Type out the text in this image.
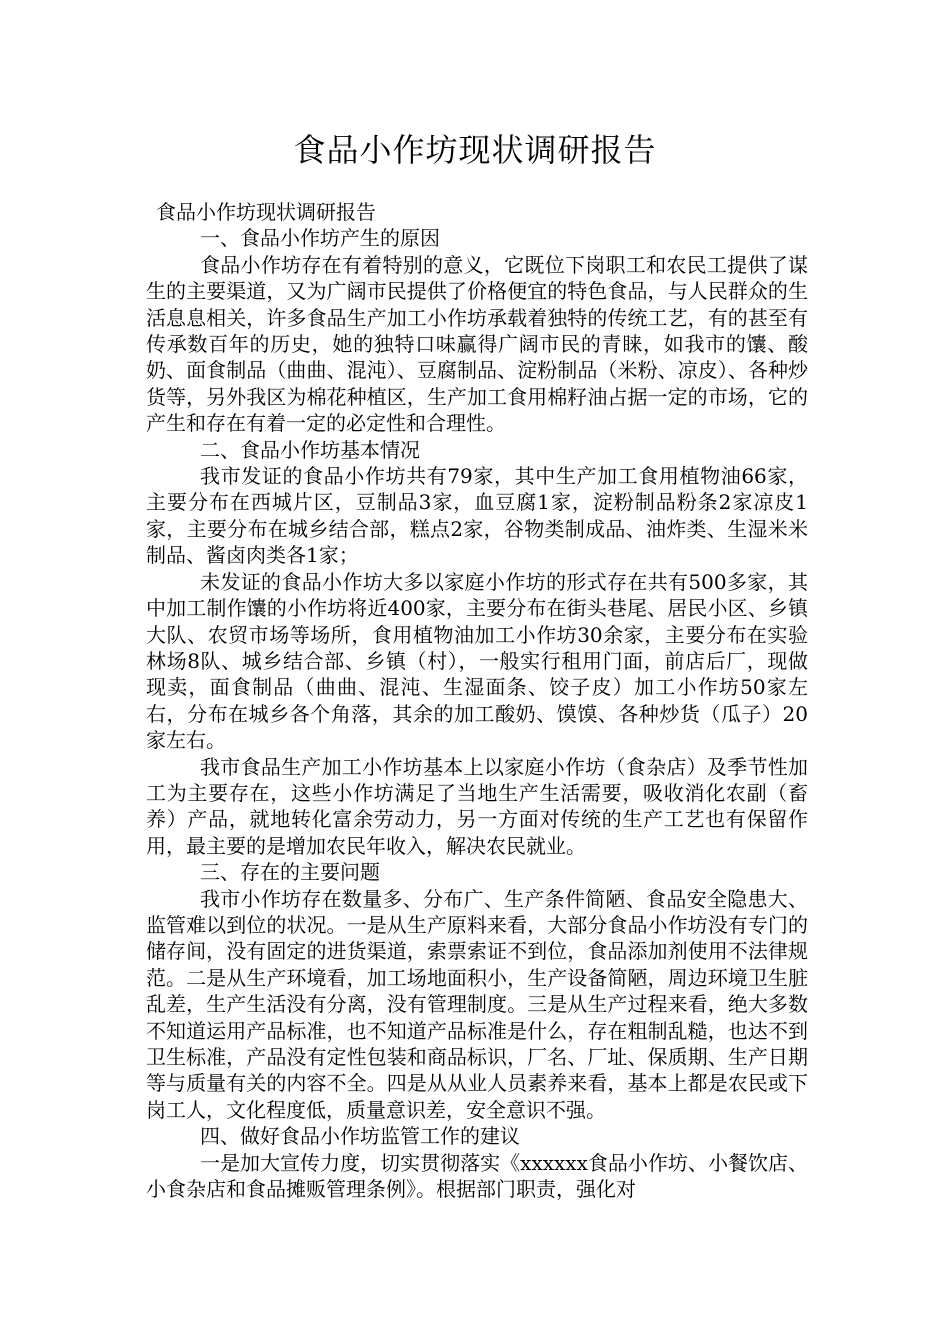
食品小作坊现状调研报告

食品小作坊现状调研报告

一、食品小作坊产生的原因

食品小作坊存在有着特别的意义，它既位下岗职工和农民工提供了谋生的主要渠道，又为广阔市民提供了价格便宜的特色食品，与人民群众的生活息息相关，许多食品生产加工小作坊承载着独特的传统工艺，有的甚至有传承数百年的历史，她的独特口味赢得广阔市民的青睐，如我市的馕、酸奶、面食制品（曲曲、混沌）、豆腐制品、淀粉制品（米粉、凉皮）、各种炒货等，另外我区为棉花种植区，生产加工食用棉籽油占据一定的市场，它的产生和存在有着一定的必定性和合理性。

二、食品小作坊基本情况

我市发证的食品小作坊共有79家，其中生产加工食用植物油66家，主要分布在西城片区，豆制品3家，血豆腐1家，淀粉制品粉条2家凉皮1家，主要分布在城乡结合部，糕点2家，谷物类制成品、油炸类、生湿米米制品、酱卤肉类各1家；

未发证的食品小作坊大多以家庭小作坊的形式存在共有500多家，其中加工制作馕的小作坊将近400家，主要分布在街头巷尾、居民小区、乡镇大队、农贸市场等场所，食用植物油加工小作坊30余家，主要分布在实验林场8队、城乡结合部、乡镇（村），一般实行租用门面，前店后厂，现做现卖，面食制品（曲曲、混沌、生湿面条、饺子皮）加工小作坊50家左右，分布在城乡各个角落，其余的加工酸奶、馍馍、各种炒货（瓜子）20家左右。

我市食品生产加工小作坊基本上以家庭小作坊（食杂店）及季节性加工为主要存在，这些小作坊满足了当地生产生活需要，吸收消化农副（畜养）产品，就地转化富余劳动力，另一方面对传统的生产工艺也有保留作用，最主要的是增加农民年收入，解决农民就业。

三、存在的主要问题

我市小作坊存在数量多、分布广、生产条件简陋、食品安全隐患大、监管难以到位的状况。一是从生产原料来看，大部分食品小作坊没有专门的储存间，没有固定的进货渠道，索票索证不到位，食品添加剂使用不法律规范。二是从生产环境看，加工场地面积小，生产设备简陋，周边环境卫生脏乱差，生产生活没有分离，没有管理制度。三是从生产过程来看，绝大多数不知道运用产品标准，也不知道产品标准是什么，存在粗制乱糙，也达不到卫生标准，产品没有定性包装和商品标识，厂名、厂址、保质期、生产日期等与质量有关的内容不全。四是从从业人员素养来看，基本上都是农民或下岗工人，文化程度低，质量意识差，安全意识不强。

四、做好食品小作坊监管工作的建议

一是加大宣传力度，切实贯彻落实《xxxxxx食品小作坊、小餐饮店、小食杂店和食品摊贩管理条例》。根据部门职责，强化对
